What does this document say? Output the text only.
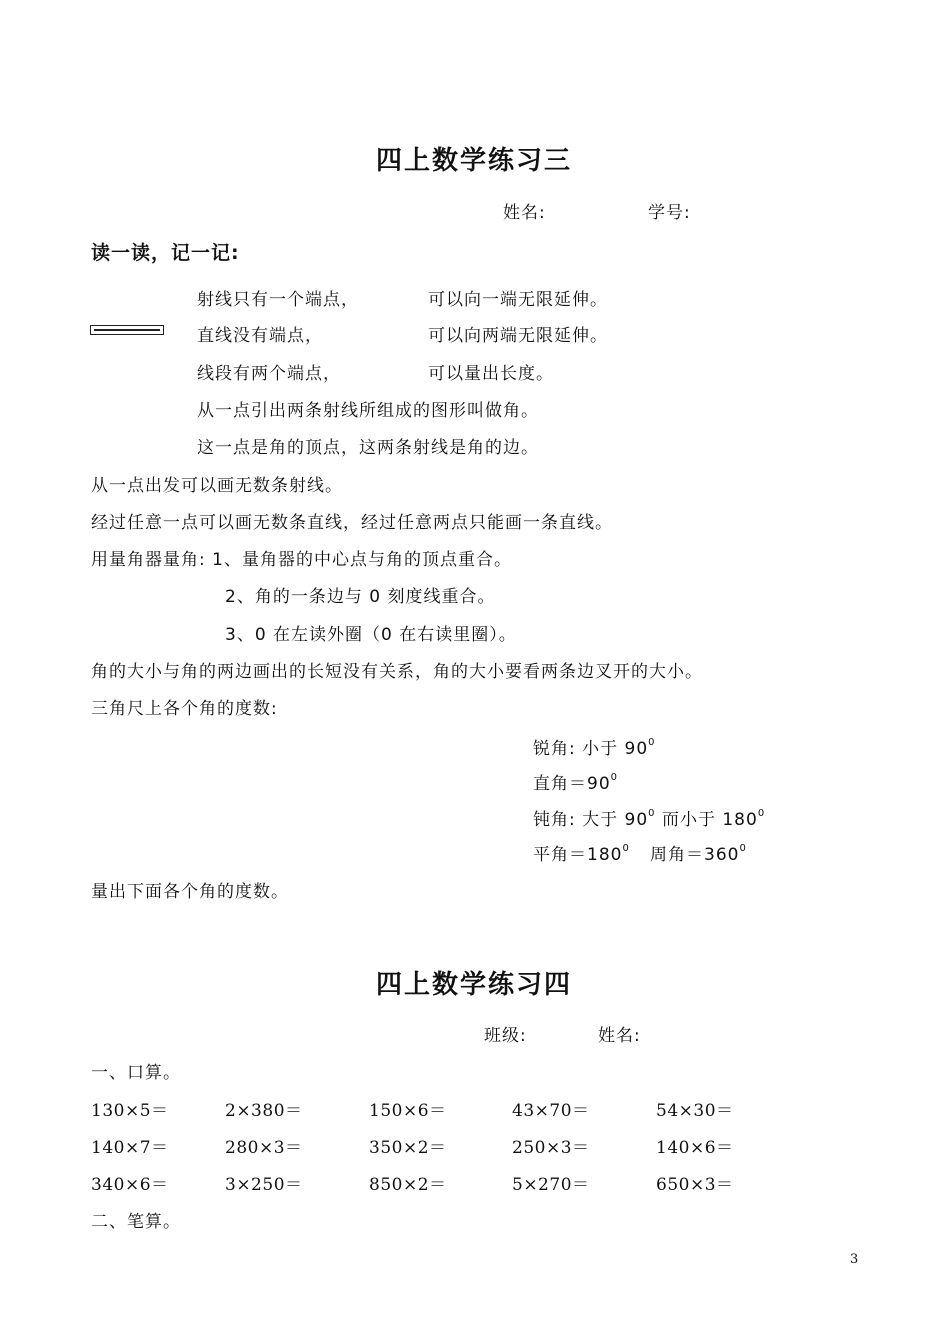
四上数学练习三
姓名:	学号:
读一读，记一记:
射线只有一个端点，	可以向一端无限延伸。
直线没有端点，	可以向两端无限延伸。
线段有两个端点，	可以量出长度。
从一点引出两条射线所组成的图形叫做角。
这一点是角的顶点，这两条射线是角的边。
从一点出发可以画无数条射线。
经过任意一点可以画无数条直线，经过任意两点只能画一条直线。
用量角器量角: 1、量角器的中心点与角的顶点重合。
2、角的一条边与 0 刻度线重合。
3、0 在左读外圈（0 在右读里圈）。
角的大小与角的两边画出的长短没有关系，角的大小要看两条边叉开的大小。
三角尺上各个角的度数:
锐角: 小于 $90^0$
直角$=90^0$
钝角: 大于 $90^0$ 而小于 $180^0$
平角$=180^0$ 周角$=360^0$
量出下面各个角的度数。
四上数学练习四
班级:	姓名:
一、口算。
130×5＝	2×380＝	150×6＝	43×70＝	54×30＝
140×7＝	280×3＝	350×2＝	250×3＝	140×6＝
340×6＝	3×250＝	850×2＝	5×270＝	650×3＝
二、笔算。
3
